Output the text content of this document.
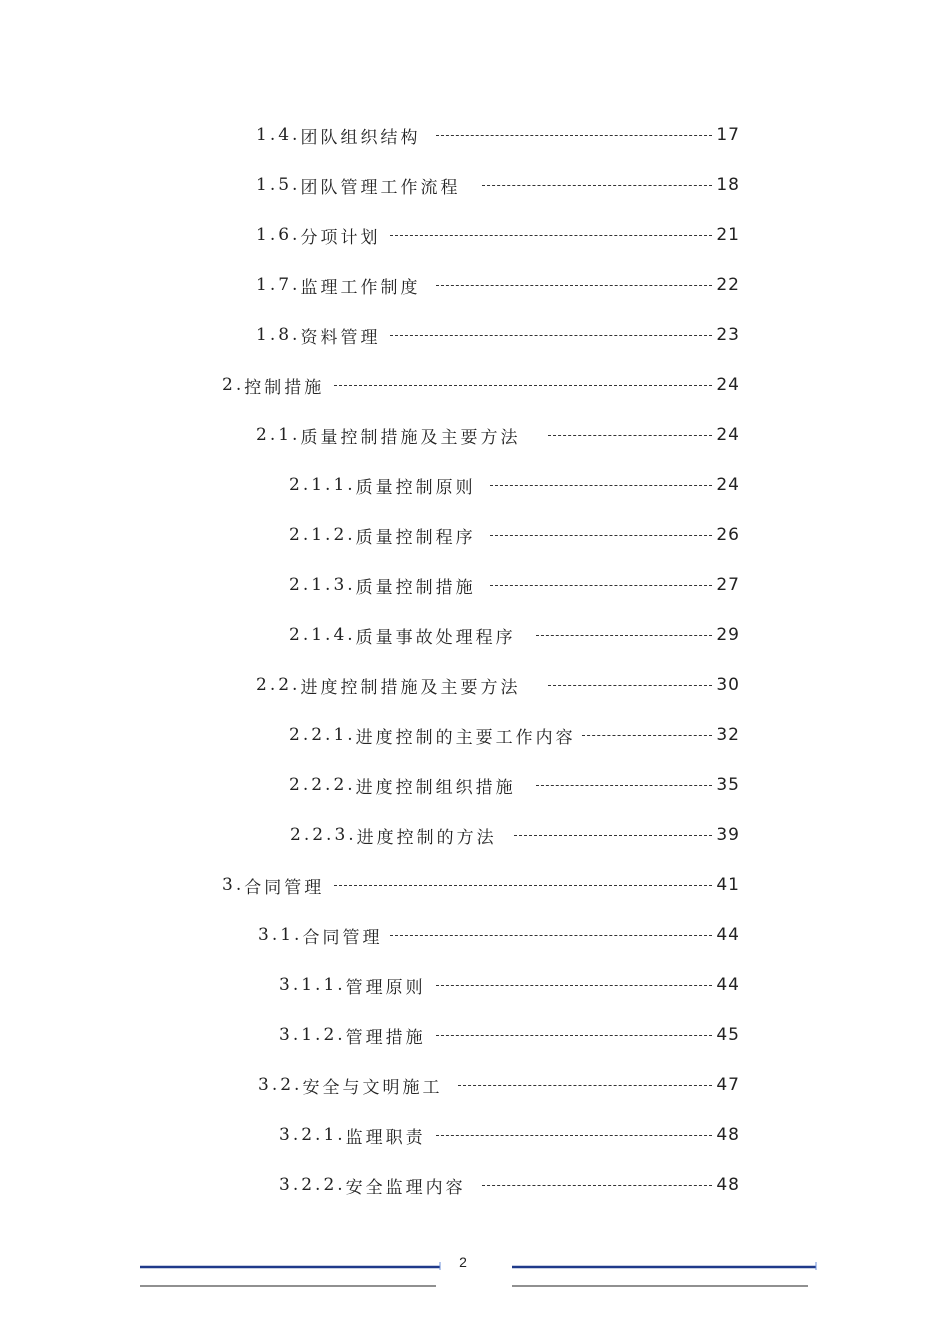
1.4. 团队组织结构	17
1.5. 团队管理工作流程	18
1.6. 分项计划	21
1.7. 监理工作制度	22
1.8. 资料管理	23
2. 控制措施	24
2.1. 质量控制措施及主要方法	24
2.1.1. 质量控制原则	24
2.1.2. 质量控制程序	26
2.1.3. 质量控制措施	27
2.1.4. 质量事故处理程序	29
2.2. 进度控制措施及主要方法	30
2.2.1. 进度控制的主要工作内容	32
2.2.2. 进度控制组织措施	35
2.2.3. 进度控制的方法	39
3. 合同管理	41
3.1. 合同管理	44
3.1.1. 管理原则	44
3.1.2. 管理措施	45
3.2. 安全与文明施工	47
3.2.1. 监理职责	48
3.2.2. 安全监理内容	48
2
